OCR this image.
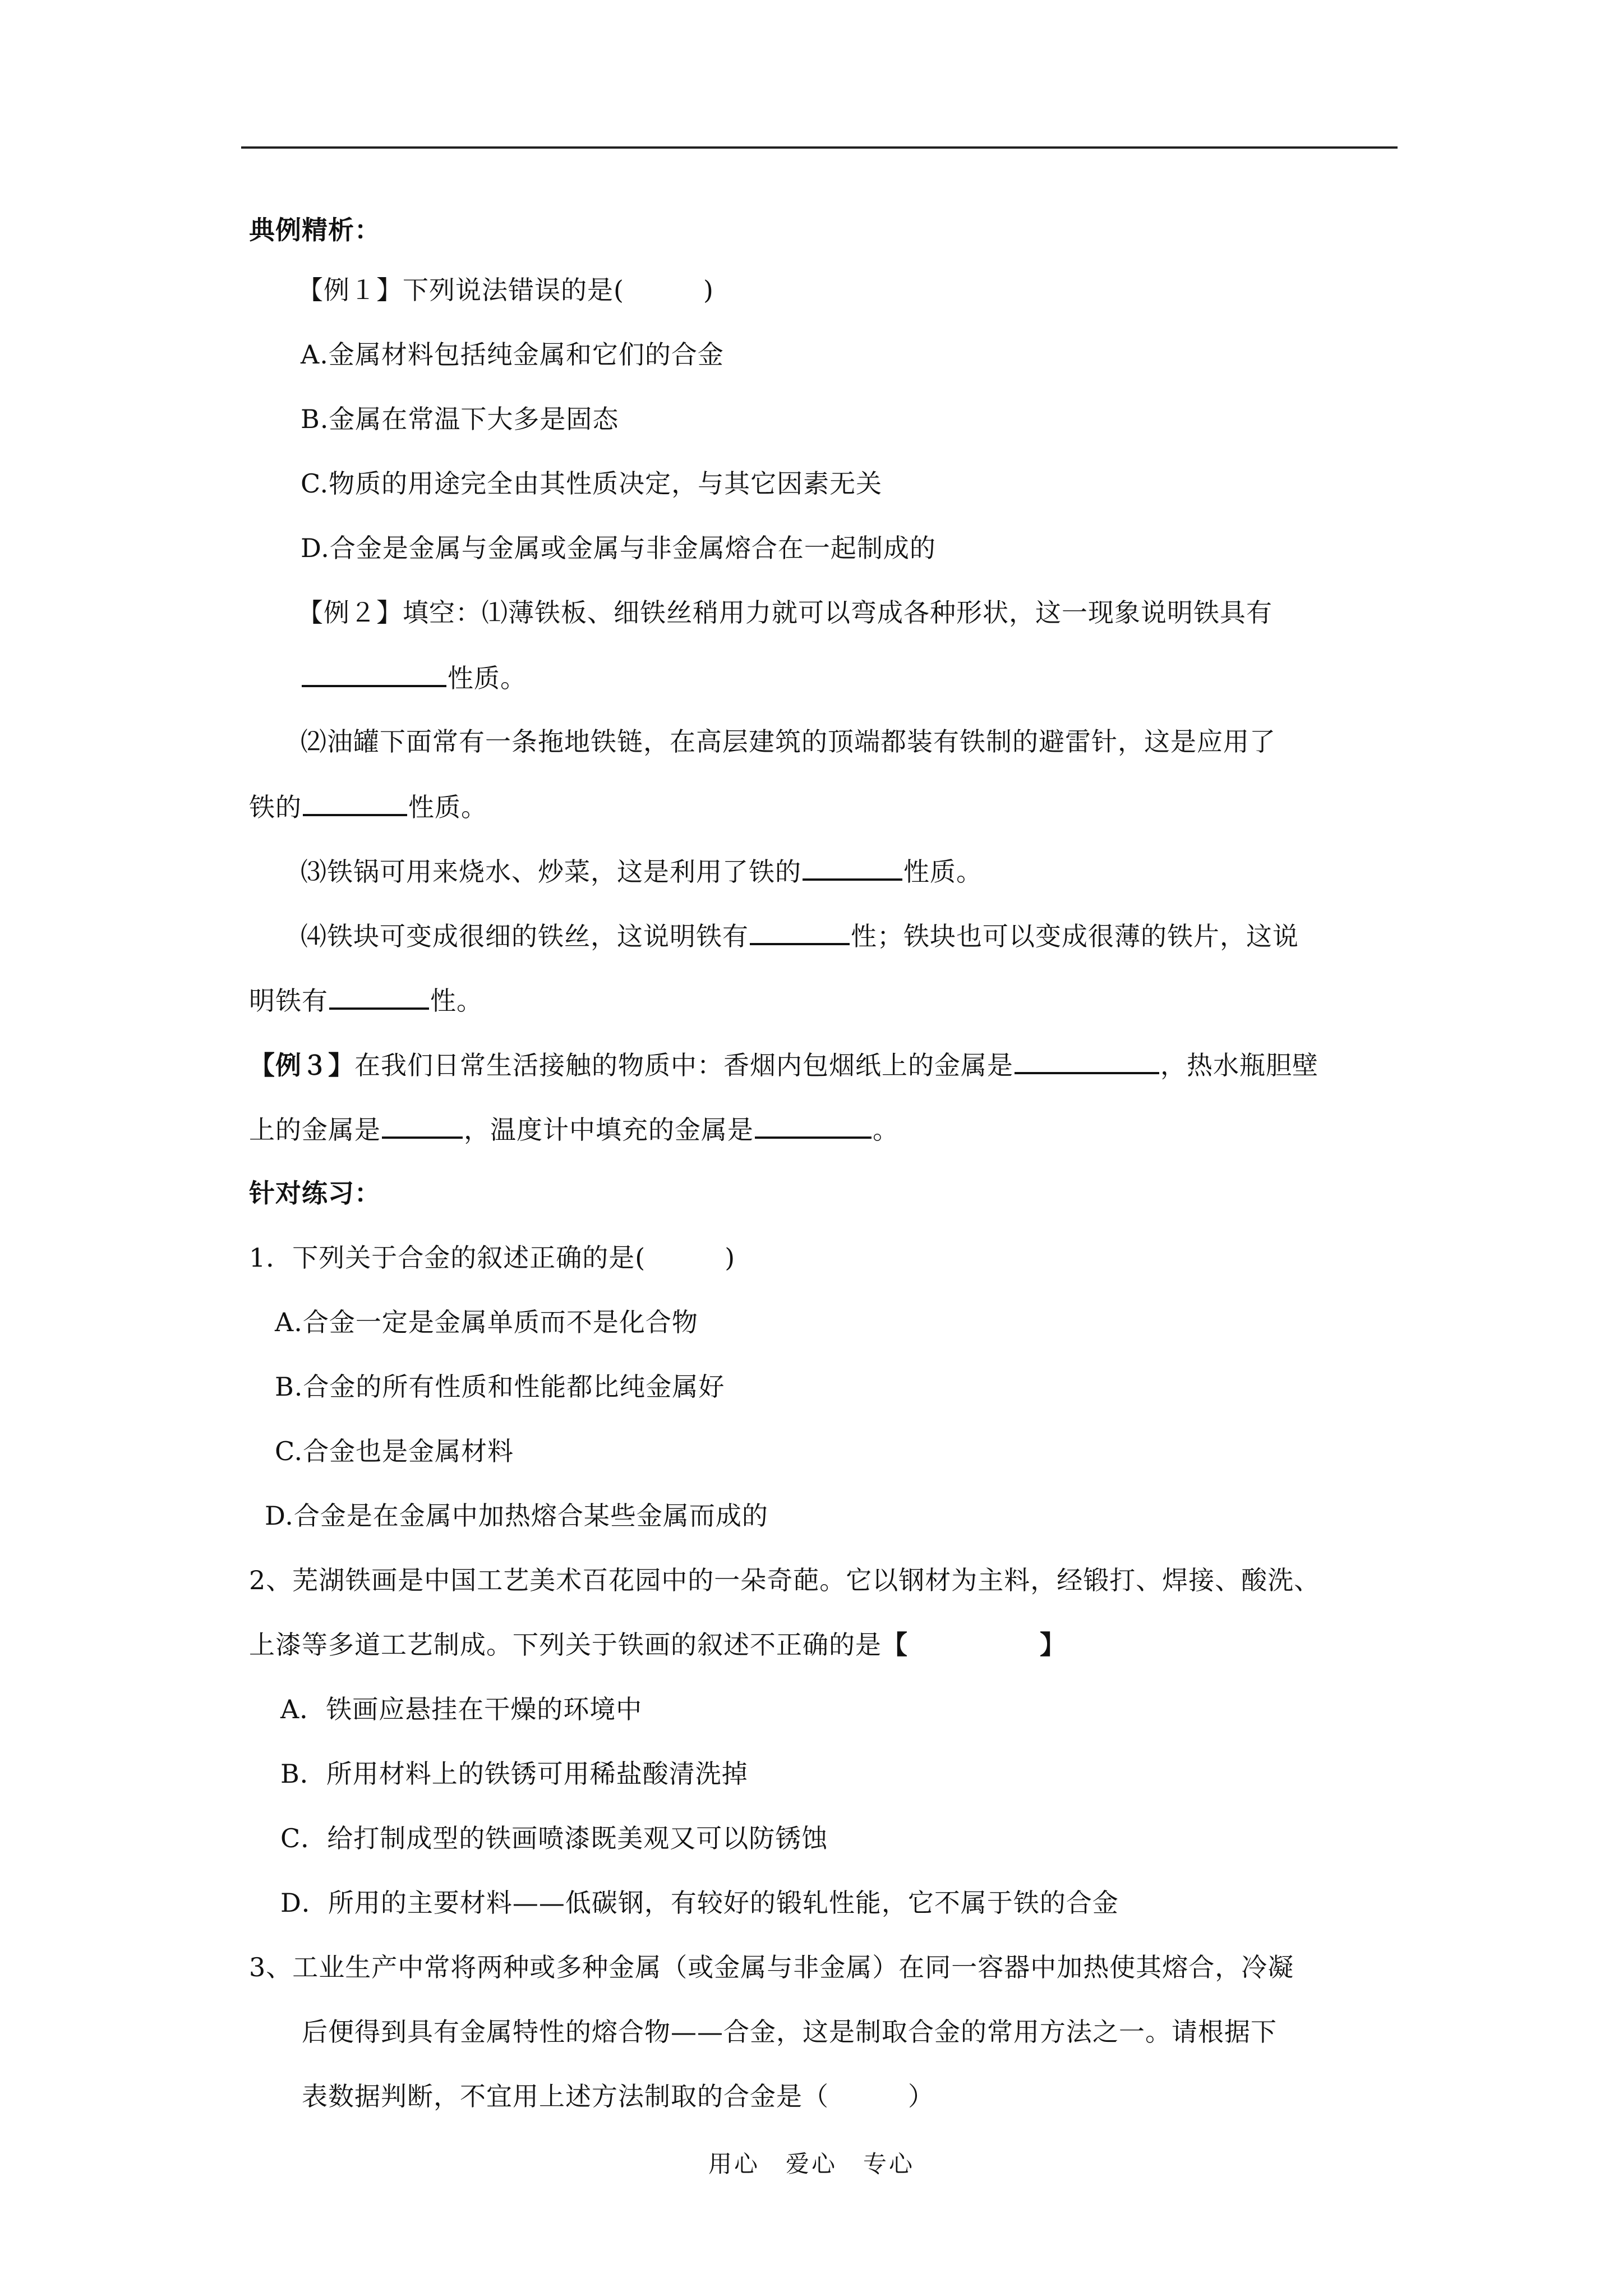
典例精析：
【例１】下列说法错误的是(　　　)
A.金属材料包括纯金属和它们的合金
B.金属在常温下大多是固态
C.物质的用途完全由其性质决定，与其它因素无关
D.合金是金属与金属或金属与非金属熔合在一起制成的
【例２】填空：⑴薄铁板、细铁丝稍用力就可以弯成各种形状，这一现象说明铁具有
性质。
⑵油罐下面常有一条拖地铁链，在高层建筑的顶端都装有铁制的避雷针，这是应用了
铁的	性质。
⑶铁锅可用来烧水、炒菜，这是利用了铁的	性质。
⑷铁块可变成很细的铁丝，这说明铁有	性；铁块也可以变成很薄的铁片，这说
明铁有	性。
【例３】在我们日常生活接触的物质中：香烟内包烟纸上的金属是	，热水瓶胆壁
上的金属是	，温度计中填充的金属是	。
针对练习：
1．下列关于合金的叙述正确的是(　　　)
A.合金一定是金属单质而不是化合物
B.合金的所有性质和性能都比纯金属好
C.合金也是金属材料
D.合金是在金属中加热熔合某些金属而成的
2、芜湖铁画是中国工艺美术百花园中的一朵奇葩。它以钢材为主料，经锻打、焊接、酸洗、
上漆等多道工艺制成。下列关于铁画的叙述不正确的是【　　　　　】
A．铁画应悬挂在干燥的环境中
B．所用材料上的铁锈可用稀盐酸清洗掉
C．给打制成型的铁画喷漆既美观又可以防锈蚀
D．所用的主要材料——低碳钢，有较好的锻轧性能，它不属于铁的合金
3、工业生产中常将两种或多种金属（或金属与非金属）在同一容器中加热使其熔合，冷凝
后便得到具有金属特性的熔合物——合金，这是制取合金的常用方法之一。请根据下
表数据判断，不宜用上述方法制取的合金是（　　　）
用心　爱心　专心
